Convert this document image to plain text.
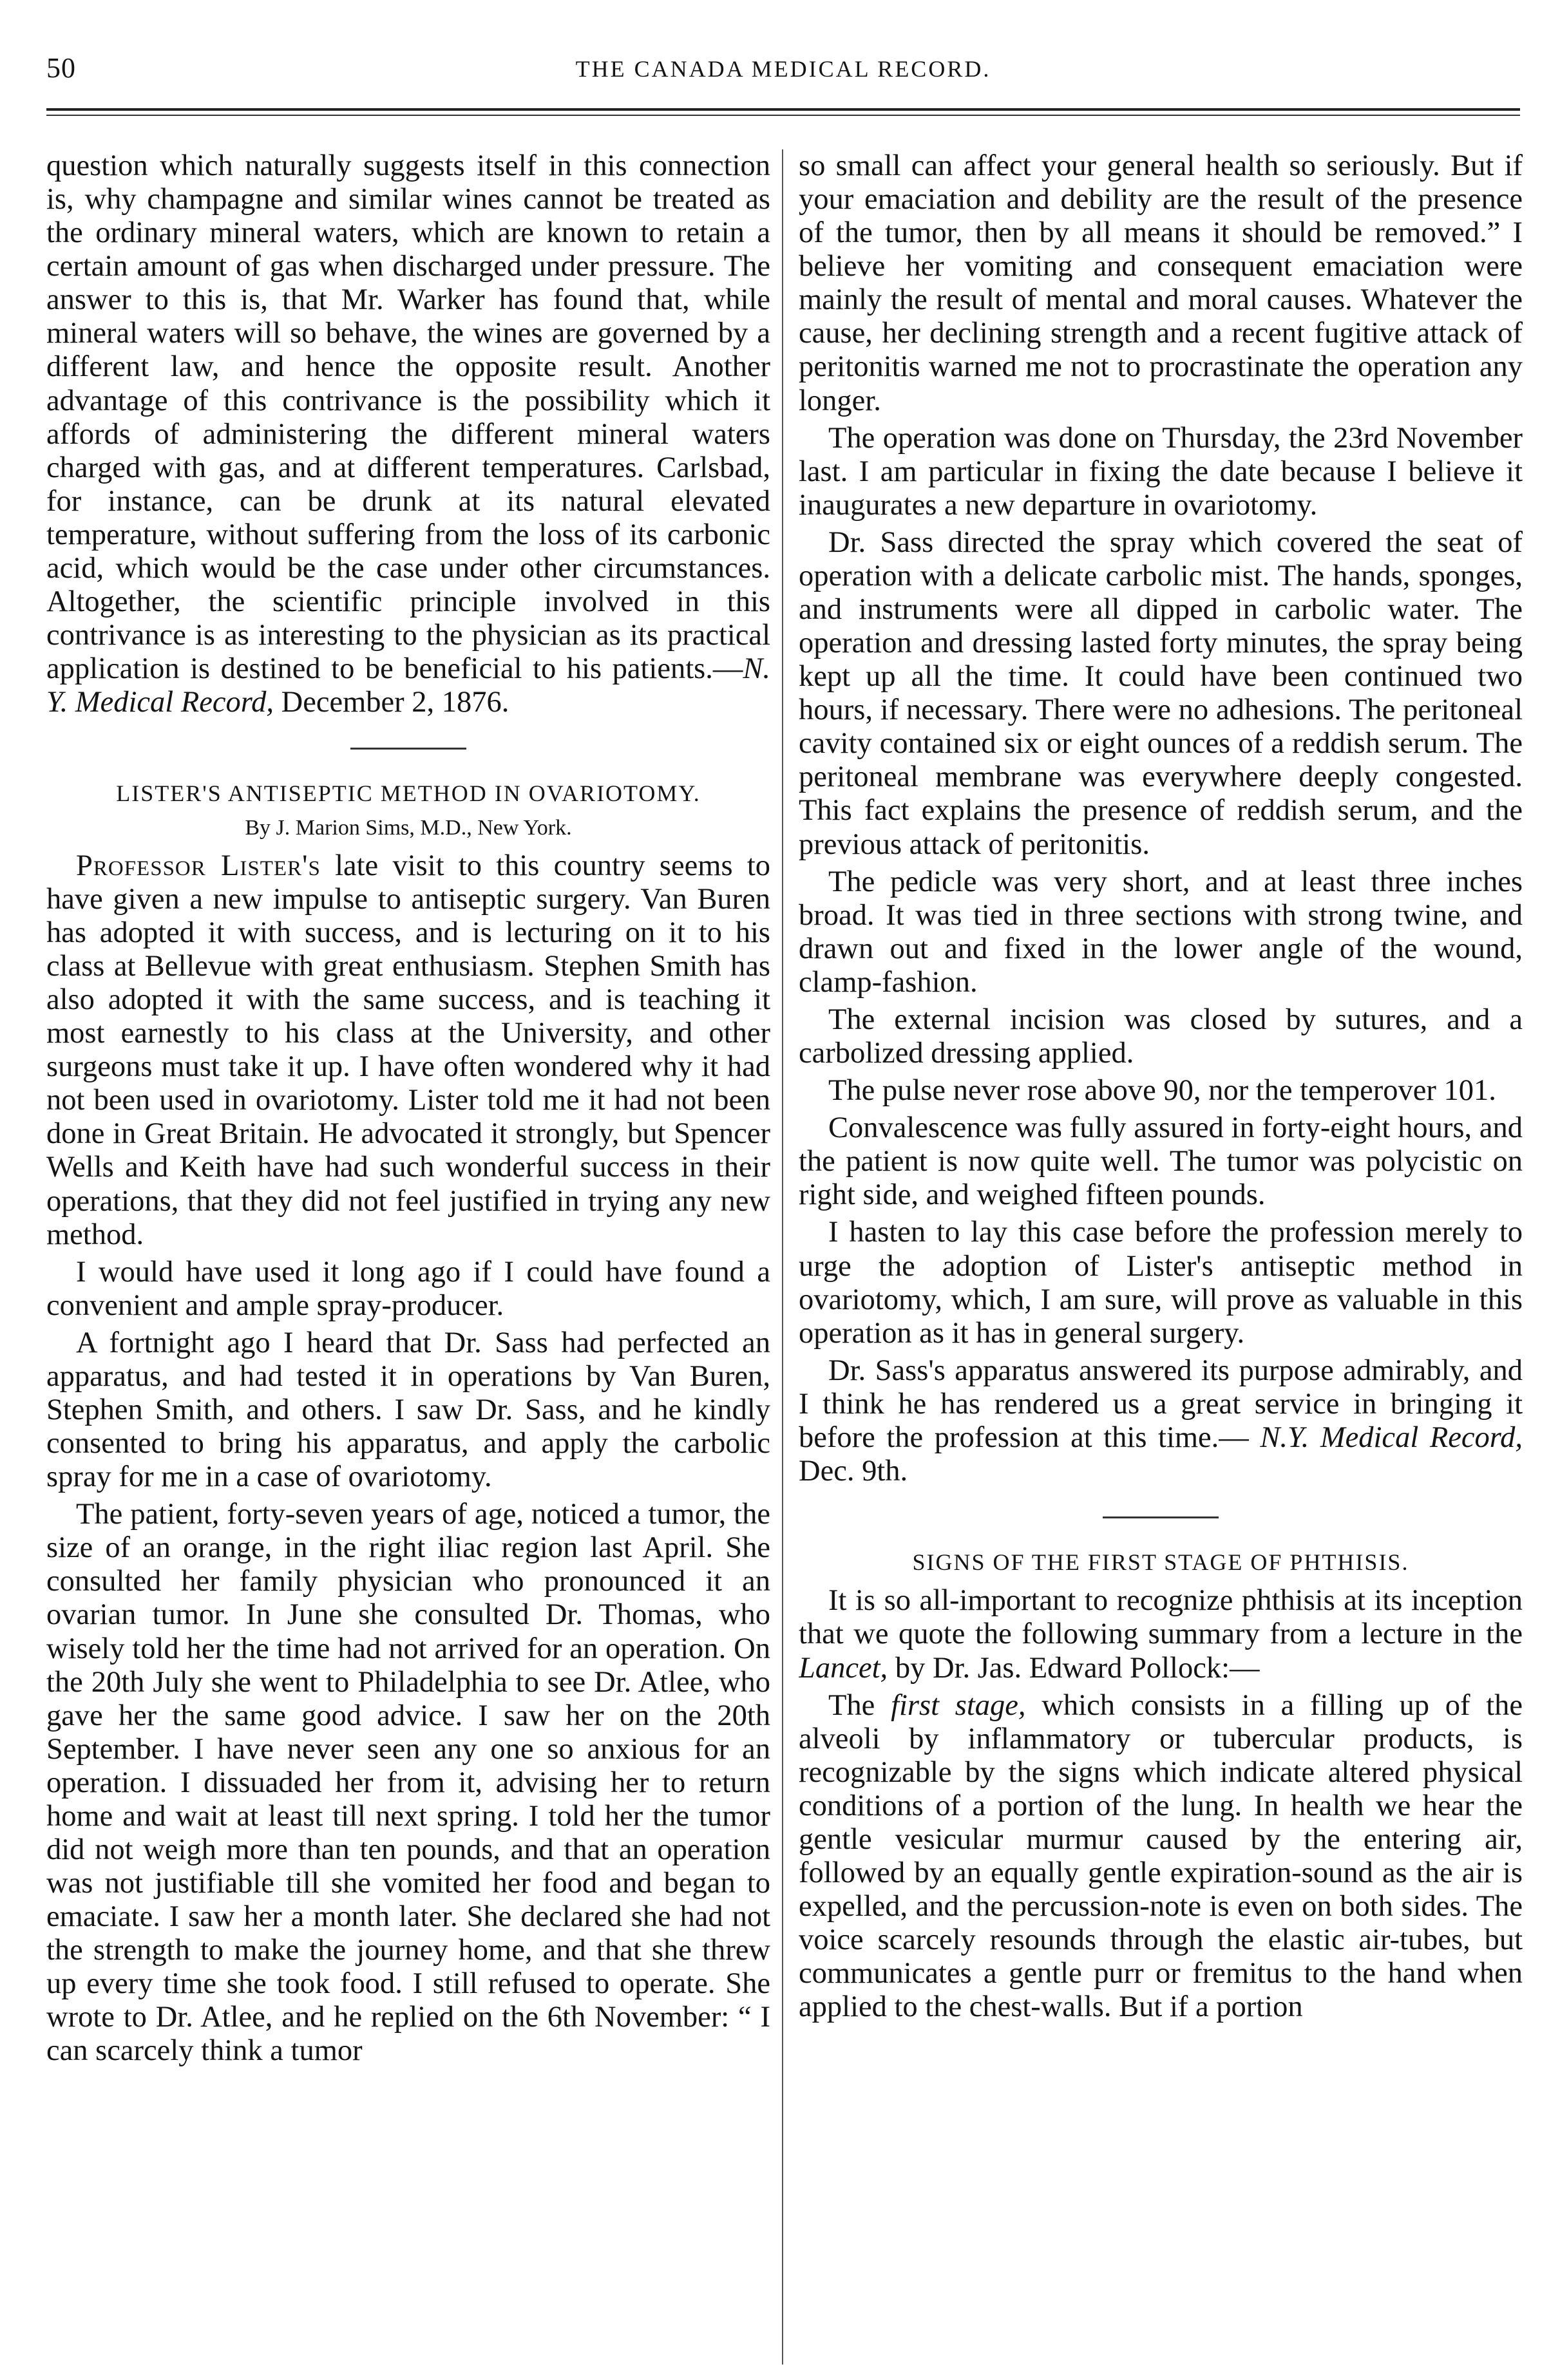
50	THE CANADA MEDICAL RECORD.

question which naturally suggests itself in this connection is, why champagne and similar wines cannot be treated as the ordinary mineral waters, which are known to retain a certain amount of gas when discharged under pressure. The answer to this is, that Mr. Warker has found that, while mineral waters will so behave, the wines are governed by a different law, and hence the opposite result. Another advantage of this contrivance is the possibility which it affords of administering the different mineral waters charged with gas, and at different temperatures. Carlsbad, for instance, can be drunk at its natural elevated temperature, without suffering from the loss of its carbonic acid, which would be the case under other circumstances. Altogether, the scientific principle involved in this contrivance is as interesting to the physician as its practical application is destined to be beneficial to his patients.—N. Y. Medical Record, December 2, 1876.

LISTER'S ANTISEPTIC METHOD IN OVARIOTOMY.
By J. Marion Sims, M.D., New York.

Professor Lister's late visit to this country seems to have given a new impulse to antiseptic surgery. Van Buren has adopted it with success, and is lecturing on it to his class at Bellevue with great enthusiasm. Stephen Smith has also adopted it with the same success, and is teaching it most earnestly to his class at the University, and other surgeons must take it up. I have often wondered why it had not been used in ovariotomy. Lister told me it had not been done in Great Britain. He advocated it strongly, but Spencer Wells and Keith have had such wonderful success in their operations, that they did not feel justified in trying any new method.

I would have used it long ago if I could have found a convenient and ample spray-producer.

A fortnight ago I heard that Dr. Sass had perfected an apparatus, and had tested it in operations by Van Buren, Stephen Smith, and others. I saw Dr. Sass, and he kindly consented to bring his apparatus, and apply the carbolic spray for me in a case of ovariotomy.

The patient, forty-seven years of age, noticed a tumor, the size of an orange, in the right iliac region last April. She consulted her family physician who pronounced it an ovarian tumor. In June she consulted Dr. Thomas, who wisely told her the time had not arrived for an operation. On the 20th July she went to Philadelphia to see Dr. Atlee, who gave her the same good advice. I saw her on the 20th September. I have never seen any one so anxious for an operation. I dissuaded her from it, advising her to return home and wait at least till next spring. I told her the tumor did not weigh more than ten pounds, and that an operation was not justifiable till she vomited her food and began to emaciate. I saw her a month later. She declared she had not the strength to make the journey home, and that she threw up every time she took food. I still refused to operate. She wrote to Dr. Atlee, and he replied on the 6th November: “ I can scarcely think a tumor

so small can affect your general health so seriously. But if your emaciation and debility are the result of the presence of the tumor, then by all means it should be removed.” I believe her vomiting and consequent emaciation were mainly the result of mental and moral causes. Whatever the cause, her declining strength and a recent fugitive attack of peritonitis warned me not to procrastinate the operation any longer.

The operation was done on Thursday, the 23rd November last. I am particular in fixing the date because I believe it inaugurates a new departure in ovariotomy.

Dr. Sass directed the spray which covered the seat of operation with a delicate carbolic mist. The hands, sponges, and instruments were all dipped in carbolic water. The operation and dressing lasted forty minutes, the spray being kept up all the time. It could have been continued two hours, if necessary. There were no adhesions. The peritoneal cavity contained six or eight ounces of a reddish serum. The peritoneal membrane was everywhere deeply congested. This fact explains the presence of reddish serum, and the previous attack of peritonitis.

The pedicle was very short, and at least three inches broad. It was tied in three sections with strong twine, and drawn out and fixed in the lower angle of the wound, clamp-fashion.

The external incision was closed by sutures, and a carbolized dressing applied.

The pulse never rose above 90, nor the temperover 101.

Convalescence was fully assured in forty-eight hours, and the patient is now quite well. The tumor was polycistic on right side, and weighed fifteen pounds.

I hasten to lay this case before the profession merely to urge the adoption of Lister's antiseptic method in ovariotomy, which, I am sure, will prove as valuable in this operation as it has in general surgery.

Dr. Sass's apparatus answered its purpose admirably, and I think he has rendered us a great service in bringing it before the profession at this time.— N.Y. Medical Record, Dec. 9th.

SIGNS OF THE FIRST STAGE OF PHTHISIS.

It is so all-important to recognize phthisis at its inception that we quote the following summary from a lecture in the Lancet, by Dr. Jas. Edward Pollock:—

The first stage, which consists in a filling up of the alveoli by inflammatory or tubercular products, is recognizable by the signs which indicate altered physical conditions of a portion of the lung. In health we hear the gentle vesicular murmur caused by the entering air, followed by an equally gentle expiration-sound as the air is expelled, and the percussion-note is even on both sides. The voice scarcely resounds through the elastic air-tubes, but communicates a gentle purr or fremitus to the hand when applied to the chest-walls. But if a portion
